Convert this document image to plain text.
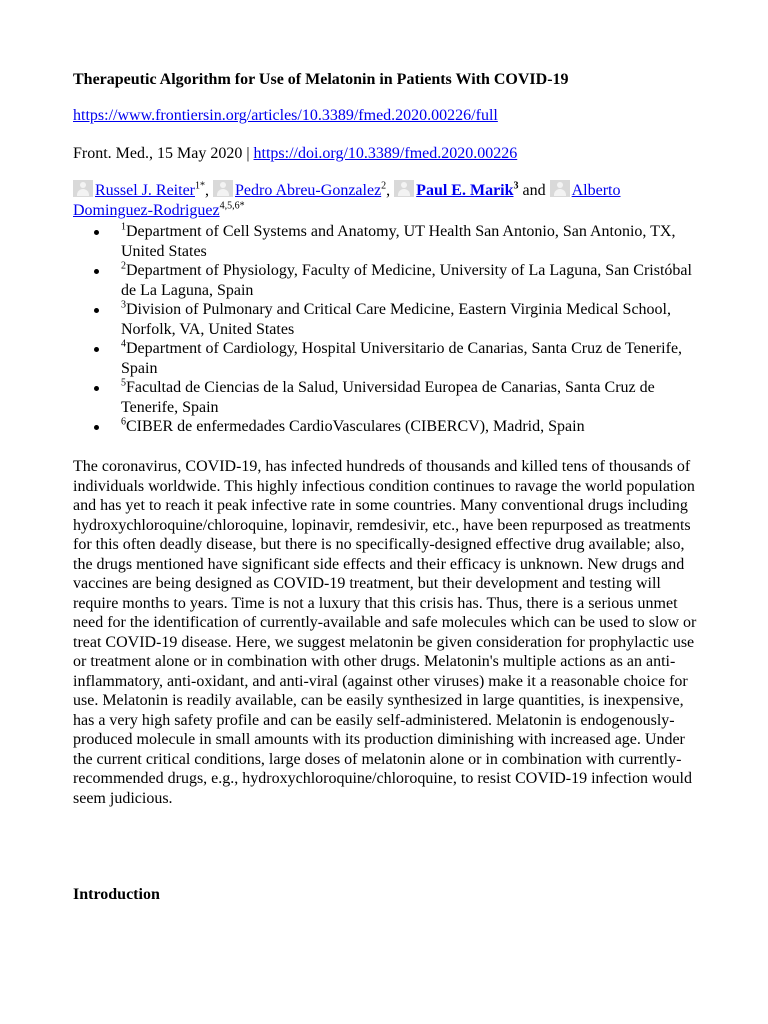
Therapeutic Algorithm for Use of Melatonin in Patients With COVID-19
https://www.frontiersin.org/articles/10.3389/fmed.2020.00226/full
Front. Med., 15 May 2020 | https://doi.org/10.3389/fmed.2020.00226
Russel J. Reiter$^{1*}$, Pedro Abreu-Gonzalez$^2$, Paul E. Marik$^3$ and Alberto Dominguez-Rodriguez$^{4,5,6*}$
$^1$Department of Cell Systems and Anatomy, UT Health San Antonio, San Antonio, TX, United States
$^2$Department of Physiology, Faculty of Medicine, University of La Laguna, San Cristóbal de La Laguna, Spain
$^3$Division of Pulmonary and Critical Care Medicine, Eastern Virginia Medical School, Norfolk, VA, United States
$^4$Department of Cardiology, Hospital Universitario de Canarias, Santa Cruz de Tenerife, Spain
$^5$Facultad de Ciencias de la Salud, Universidad Europea de Canarias, Santa Cruz de Tenerife, Spain
$^6$CIBER de enfermedades CardioVasculares (CIBERCV), Madrid, Spain

The coronavirus, COVID-19, has infected hundreds of thousands and killed tens of thousands of individuals worldwide. This highly infectious condition continues to ravage the world population and has yet to reach it peak infective rate in some countries. Many conventional drugs including hydroxychloroquine/chloroquine, lopinavir, remdesivir, etc., have been repurposed as treatments for this often deadly disease, but there is no specifically-designed effective drug available; also, the drugs mentioned have significant side effects and their efficacy is unknown. New drugs and vaccines are being designed as COVID-19 treatment, but their development and testing will require months to years. Time is not a luxury that this crisis has. Thus, there is a serious unmet need for the identification of currently-available and safe molecules which can be used to slow or treat COVID-19 disease. Here, we suggest melatonin be given consideration for prophylactic use or treatment alone or in combination with other drugs. Melatonin's multiple actions as an anti-inflammatory, anti-oxidant, and anti-viral (against other viruses) make it a reasonable choice for use. Melatonin is readily available, can be easily synthesized in large quantities, is inexpensive, has a very high safety profile and can be easily self-administered. Melatonin is endogenously-produced molecule in small amounts with its production diminishing with increased age. Under the current critical conditions, large doses of melatonin alone or in combination with currently-recommended drugs, e.g., hydroxychloroquine/chloroquine, to resist COVID-19 infection would seem judicious.

Introduction
